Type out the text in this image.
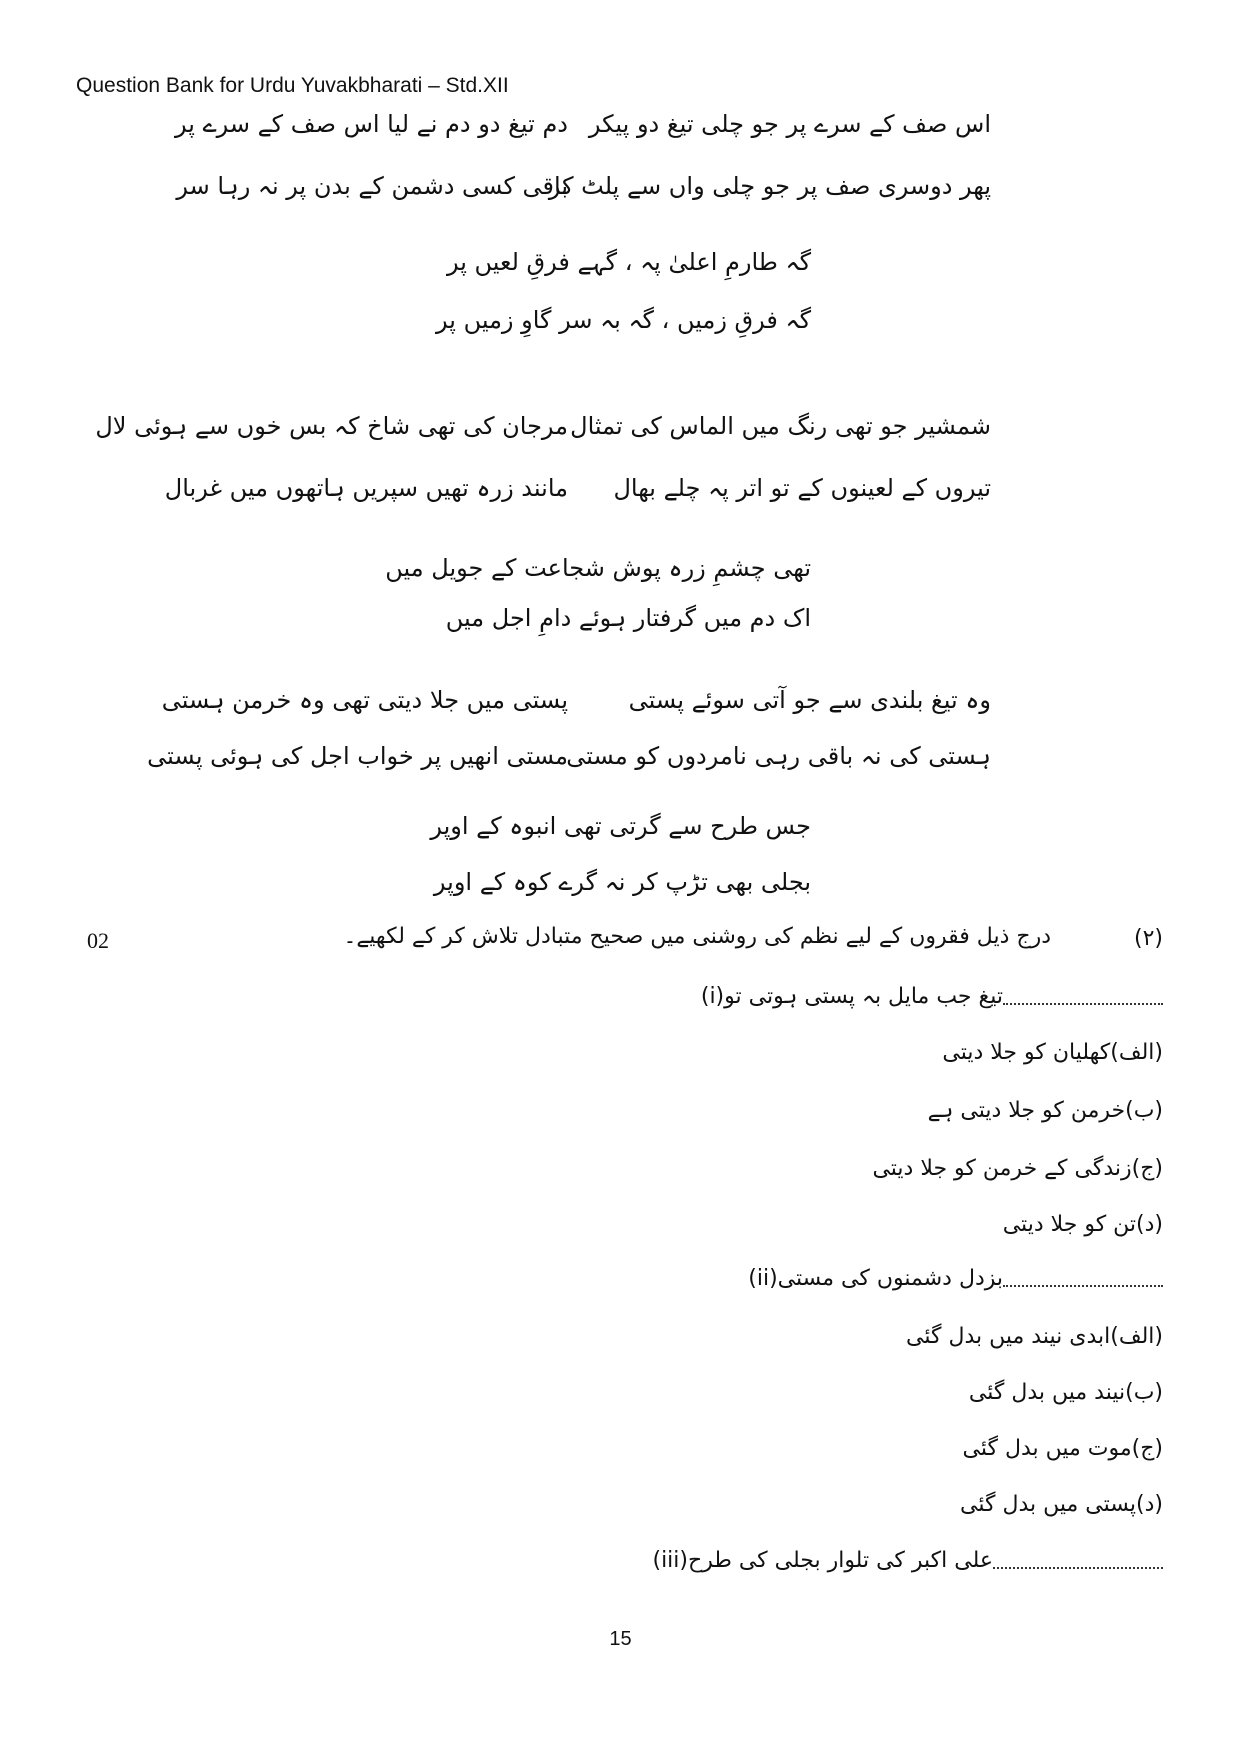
Question Bank for Urdu Yuvakbharati – Std.XII
اس صف کے سرے پر جو چلی تیغ دو پیکر
دم تیغ دو دم نے لیا اس صف کے سرے پر
پھر دوسری صف پر جو چلی واں سے پلٹ کر
باقی کسی دشمن کے بدن پر نہ رہا سر
گہ طارمِ اعلیٰ پہ ، گہے فرقِ لعیں پر
گہ فرقِ زمیں ، گہ بہ سر گاوِ زمیں پر
شمشیر جو تھی رنگ میں الماس کی تمثال
مرجان کی تھی شاخ کہ بس خوں سے ہوئی لال
تیروں کے لعینوں کے تو اتر پہ چلے بھال
مانند زرہ تھیں سپریں ہاتھوں میں غربال
تھی چشمِ زرہ پوش شجاعت کے جویل میں
اک دم میں گرفتار ہوئے دامِ اجل میں
وہ تیغ بلندی سے جو آتی سوئے پستی
پستی میں جلا دیتی تھی وہ خرمن ہستی
ہستی کی نہ باقی رہی نامردوں کو مستی
مستی انھیں پر خواب اجل کی ہوئی پستی
جس طرح سے گرتی تھی انبوہ کے اوپر
بجلی بھی تڑپ کر نہ گرے کوہ کے اوپر
02	(۲)
درج ذیل فقروں کے لیے نظم کی روشنی میں صحیح متبادل تلاش کر کے لکھیے۔
(i)تیغ جب مایل بہ پستی ہوتی تو
(الف)کھلیان کو جلا دیتی
(ب)خرمن کو جلا دیتی ہے
(ج)زندگی کے خرمن کو جلا دیتی
(د)تن کو جلا دیتی
(ii)بزدل دشمنوں کی مستی
(الف)ابدی نیند میں بدل گئی
(ب)نیند میں بدل گئی
(ج)موت میں بدل گئی
(د)پستی میں بدل گئی
(iii)علی اکبر کی تلوار بجلی کی طرح
15
